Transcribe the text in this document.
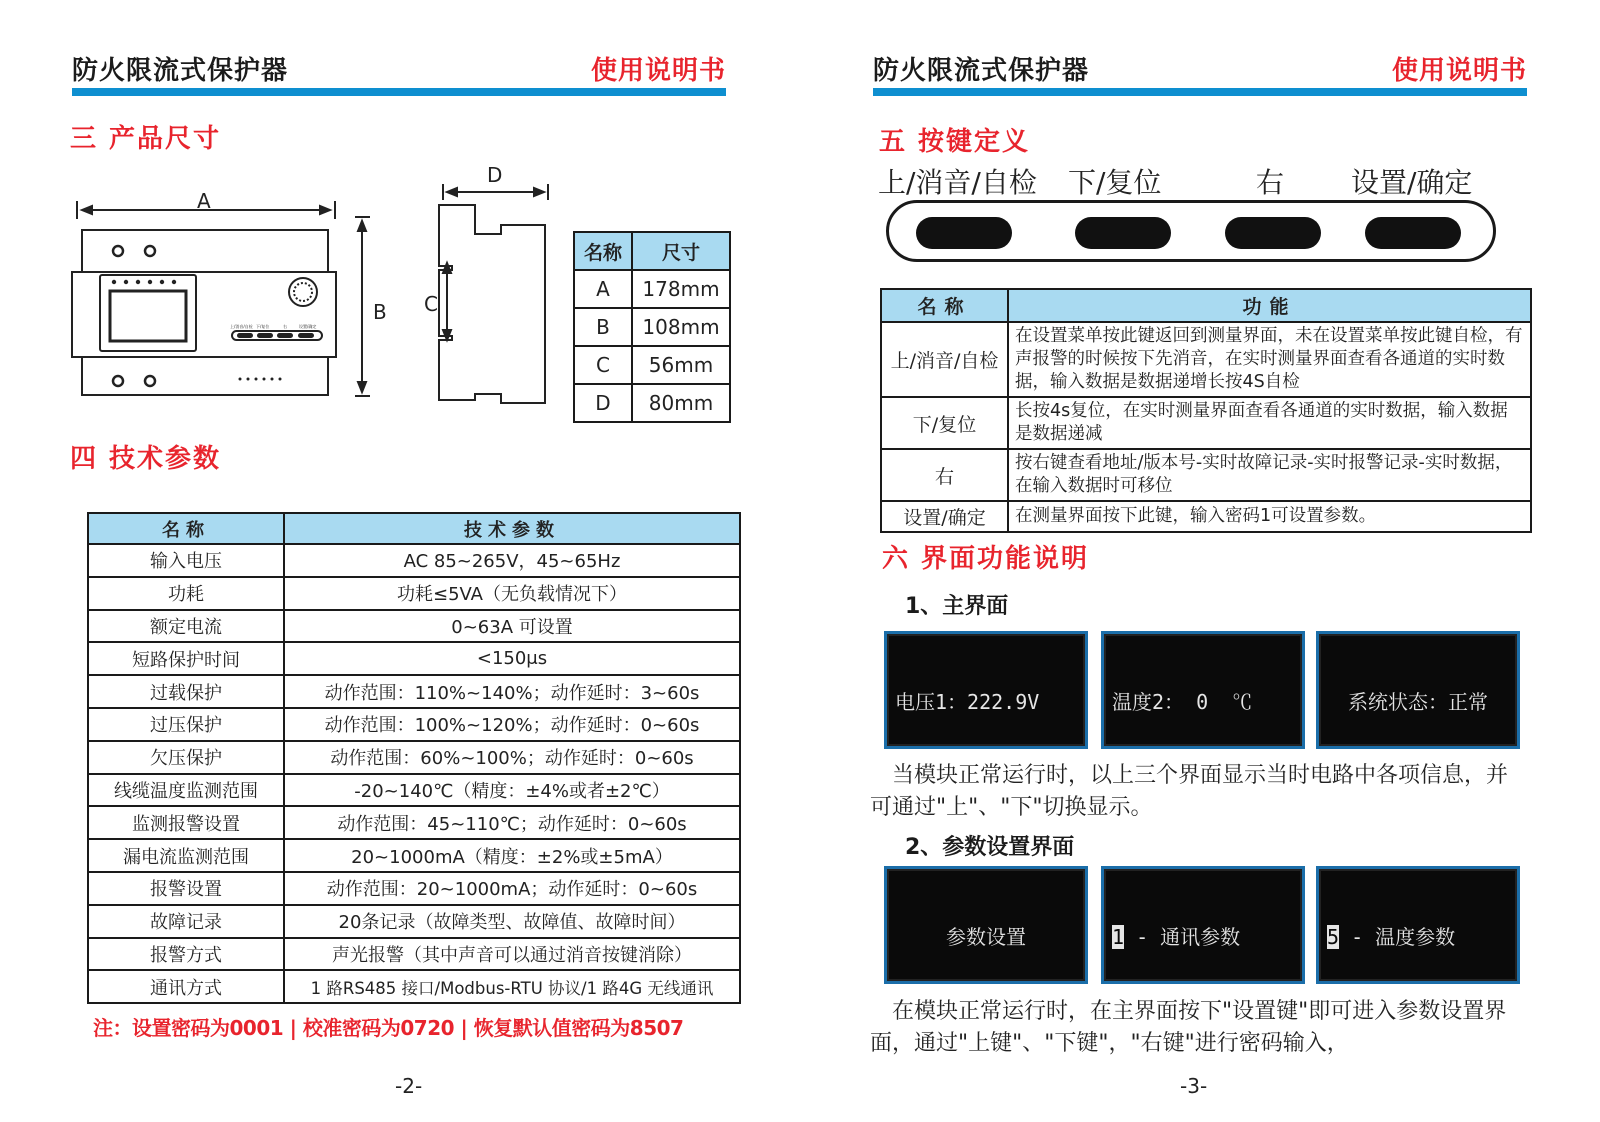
防火限流式保护器	使用说明书
三 产品尺寸
上/消音/自检 下/复位	右	设置/确定
A
B
D
C
名称	尺寸
A	178mm
B	108mm
C	56mm
D	80mm
四 技术参数
名称	技术参数
输入电压	AC 85~265V，45~65Hz
功耗	功耗≤5VA（无负载情况下）
额定电流	0~63A 可设置
短路保护时间	<150μs
过载保护	动作范围：110%~140%；动作延时：3~60s
过压保护	动作范围：100%~120%；动作延时：0~60s
欠压保护	动作范围：60%~100%；动作延时：0~60s
线缆温度监测范围	-20~140℃（精度：±4%或者±2℃）
监测报警设置	动作范围：45~110℃；动作延时：0~60s
漏电流监测范围	20~1000mA（精度：±2%或±5mA）
报警设置	动作范围：20~1000mA；动作延时：0~60s
故障记录	20条记录（故障类型、故障值、故障时间）
报警方式	声光报警（其中声音可以通过消音按键消除）
通讯方式	1 路RS485 接口/Modbus-RTU 协议/1 路4G 无线通讯
注：设置密码为0001 | 校准密码为0720 | 恢复默认值密码为8507
-2-
防火限流式保护器	使用说明书
五 按键定义
上/消音/自检 下/复位	右 设置/确定
名称	功能
上/消音/自检	在设置菜单按此键返回到测量界面，未在设置菜单按此键自检，有声报警的时候按下先消音，在实时测量界面查看各通道的实时数据，输入数据是数据递增长按4S自检
下/复位	长按4s复位，在实时测量界面查看各通道的实时数据，输入数据是数据递减
右	按右键查看地址/版本号-实时故障记录-实时报警记录-实时数据，在输入数据时可移位
设置/确定	在测量界面按下此键，输入密码1可设置参数。
六 界面功能说明
1、主界面

电压1：222.9V

	温度2： 0  ℃

	系统状态：正常

当模块正常运行时，以上三个界面显示当时电路中各项信息，并可通过"上"、"下"切换显示。
2、参数设置界面

参数设置

	1 - 通讯参数

	5 - 温度参数

在模块正常运行时，在主界面按下"设置键"即可进入参数设置界面，通过"上键"、"下键"，"右键"进行密码输入，
-3-
